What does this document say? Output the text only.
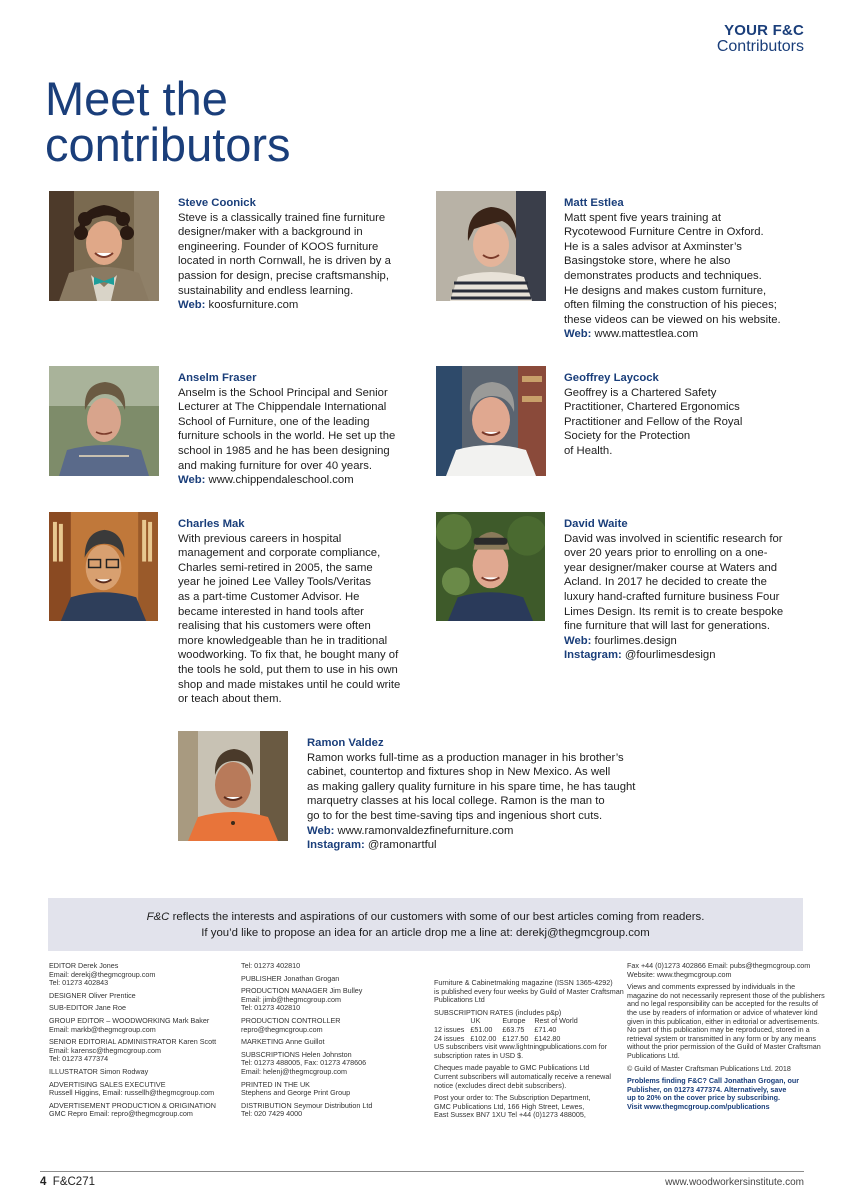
YOUR F&C
Contributors
Meet the
contributors
Steve Coonick
Steve is a classically trained fine furniture
designer/maker with a background in
engineering. Founder of KOOS furniture
located in north Cornwall, he is driven by a
passion for design, precise craftsmanship,
sustainability and endless learning.
Web: koosfurniture.com
Matt Estlea
Matt spent five years training at
Rycotewood Furniture Centre in Oxford.
He is a sales advisor at Axminster’s
Basingstoke store, where he also
demonstrates products and techniques.
He designs and makes custom furniture,
often filming the construction of his pieces;
these videos can be viewed on his website.
Web: www.mattestlea.com
Anselm Fraser
Anselm is the School Principal and Senior
Lecturer at The Chippendale International
School of Furniture, one of the leading
furniture schools in the world. He set up the
school in 1985 and he has been designing
and making furniture for over 40 years.
Web: www.chippendaleschool.com
Geoffrey Laycock
Geoffrey is a Chartered Safety
Practitioner, Chartered Ergonomics
Practitioner and Fellow of the Royal
Society for the Protection
of Health.
Charles Mak
With previous careers in hospital
management and corporate compliance,
Charles semi-retired in 2005, the same
year he joined Lee Valley Tools/Veritas
as a part-time Customer Advisor. He
became interested in hand tools after
realising that his customers were often
more knowledgeable than he in traditional
woodworking. To fix that, he bought many of
the tools he sold, put them to use in his own
shop and made mistakes until he could write
or teach about them.
David Waite
David was involved in scientific research for
over 20 years prior to enrolling on a one-
year designer/maker course at Waters and
Acland. In 2017 he decided to create the
luxury hand-crafted furniture business Four
Limes Design. Its remit is to create bespoke
fine furniture that will last for generations.
Web: fourlimes.design
Instagram: @fourlimesdesign
Ramon Valdez
Ramon works full-time as a production manager in his brother’s
cabinet, countertop and fixtures shop in New Mexico. As well
as making gallery quality furniture in his spare time, he has taught
marquetry classes at his local college. Ramon is the man to
go to for the best time-saving tips and ingenious short cuts.
Web: www.ramonvaldezfinefurniture.com
Instagram: @ramonartful
F&C reflects the interests and aspirations of our customers with some of our best articles coming from readers.
If you’d like to propose an idea for an article drop me a line at: derekj@thegmcgroup.com
EDITOR Derek Jones
Email: derekj@thegmcgroup.com
Tel: 01273 402843
DESIGNER Oliver Prentice
SUB-EDITOR Jane Roe
GROUP EDITOR – WOODWORKING Mark Baker
Email: markb@thegmcgroup.com
SENIOR EDITORIAL ADMINISTRATOR Karen Scott
Email: karensc@thegmcgroup.com
Tel: 01273 477374
ILLUSTRATOR Simon Rodway
ADVERTISING SALES EXECUTIVE
Russell Higgins, Email: russellh@thegmcgroup.com
ADVERTISEMENT PRODUCTION & ORIGINATION
GMC Repro Email: repro@thegmcgroup.com
Tel: 01273 402810
PUBLISHER Jonathan Grogan
PRODUCTION MANAGER Jim Bulley
Email: jimb@thegmcgroup.com
Tel: 01273 402810
PRODUCTION CONTROLLER
repro@thegmcgroup.com
MARKETING Anne Guillot
SUBSCRIPTIONS Helen Johnston
Tel: 01273 488005, Fax: 01273 478606
Email: helenj@thegmcgroup.com
PRINTED IN THE UK
Stephens and George Print Group
DISTRIBUTION Seymour Distribution Ltd
Tel: 020 7429 4000
Furniture & Cabinetmaking magazine (ISSN 1365-4292)
is published every four weeks by Guild of Master Craftsman
Publications Ltd
SUBSCRIPTION RATES (includes p&p)
	UK	Europe	Rest of World
12 issues	£51.00	£63.75	£71.40
24 issues	£102.00	£127.50	£142.80
US subscribers visit www.lightningpublications.com for
subscription rates in USD $.
Cheques made payable to GMC Publications Ltd
Current subscribers will automatically receive a renewal
notice (excludes direct debit subscribers).
Post your order to: The Subscription Department,
GMC Publications Ltd, 166 High Street, Lewes,
East Sussex BN7 1XU Tel +44 (0)1273 488005,
Fax +44 (0)1273 402866 Email: pubs@thegmcgroup.com
Website: www.thegmcgroup.com
Views and comments expressed by individuals in the
magazine do not necessarily represent those of the publishers
and no legal responsibility can be accepted for the results of
the use by readers of information or advice of whatever kind
given in this publication, either in editorial or advertisements.
No part of this publication may be reproduced, stored in a
retrieval system or transmitted in any form or by any means
without the prior permission of the Guild of Master Craftsman
Publications Ltd.
© Guild of Master Craftsman Publications Ltd. 2018
Problems finding F&C? Call Jonathan Grogan, our
Publisher, on 01273 477374. Alternatively, save
up to 20% on the cover price by subscribing.
Visit www.thegmcgroup.com/publications
4 F&C271	www.woodworkersinstitute.com
